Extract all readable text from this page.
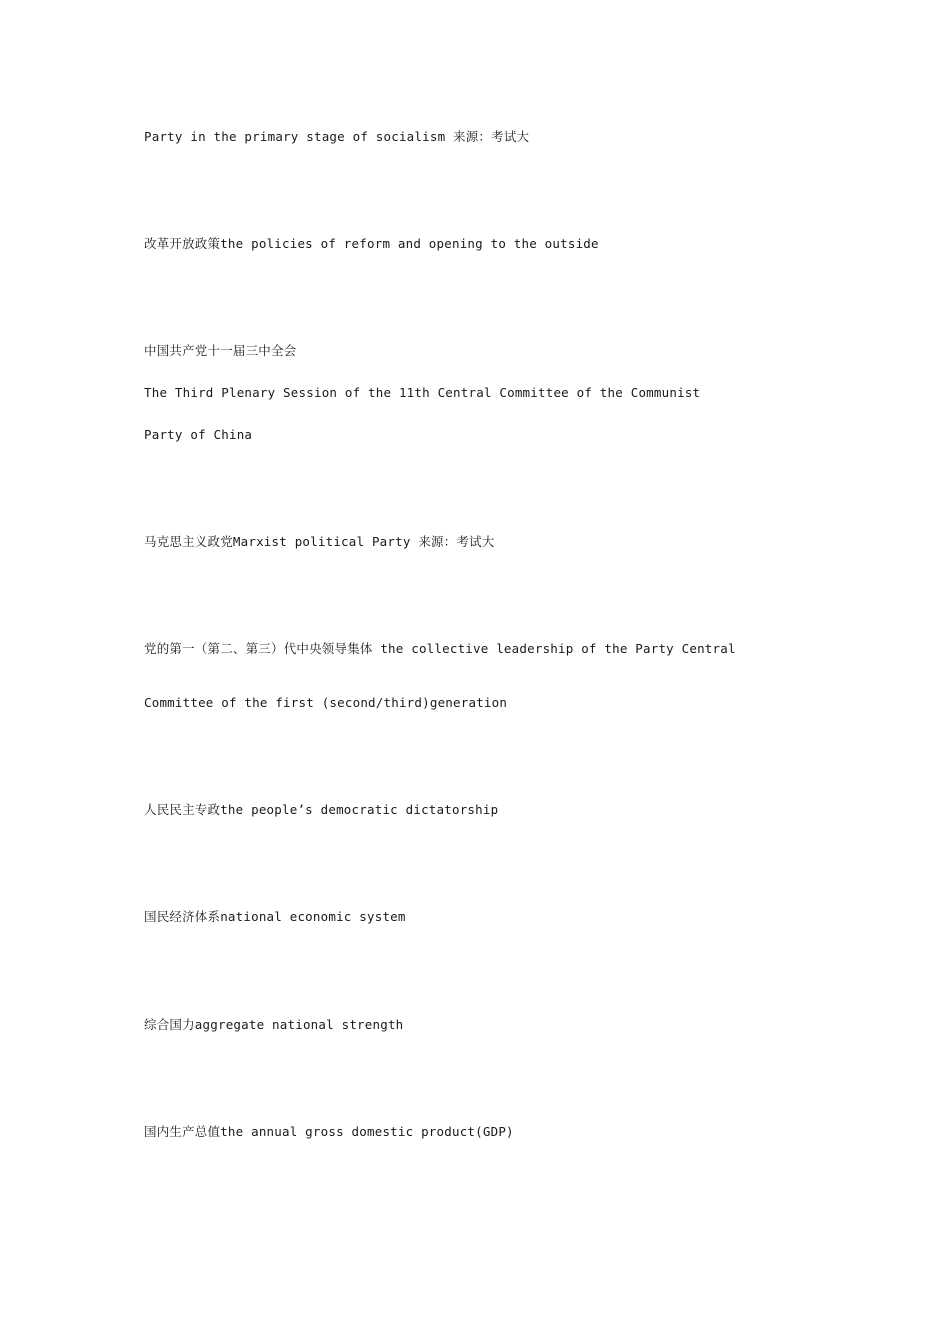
Party in the primary stage of socialism 来源：考试大
改革开放政策the policies of reform and opening to the outside
中国共产党十一届三中全会
The Third Plenary Session of the 11th Central Committee of the Communist
Party of China
马克思主义政党Marxist political Party 来源：考试大
党的第一（第二、第三）代中央领导集体 the collective leadership of the Party Central
Committee of the first (second/third)generation
人民民主专政the people’s democratic dictatorship
国民经济体系national economic system
综合国力aggregate national strength
国内生产总值the annual gross domestic product(GDP)
